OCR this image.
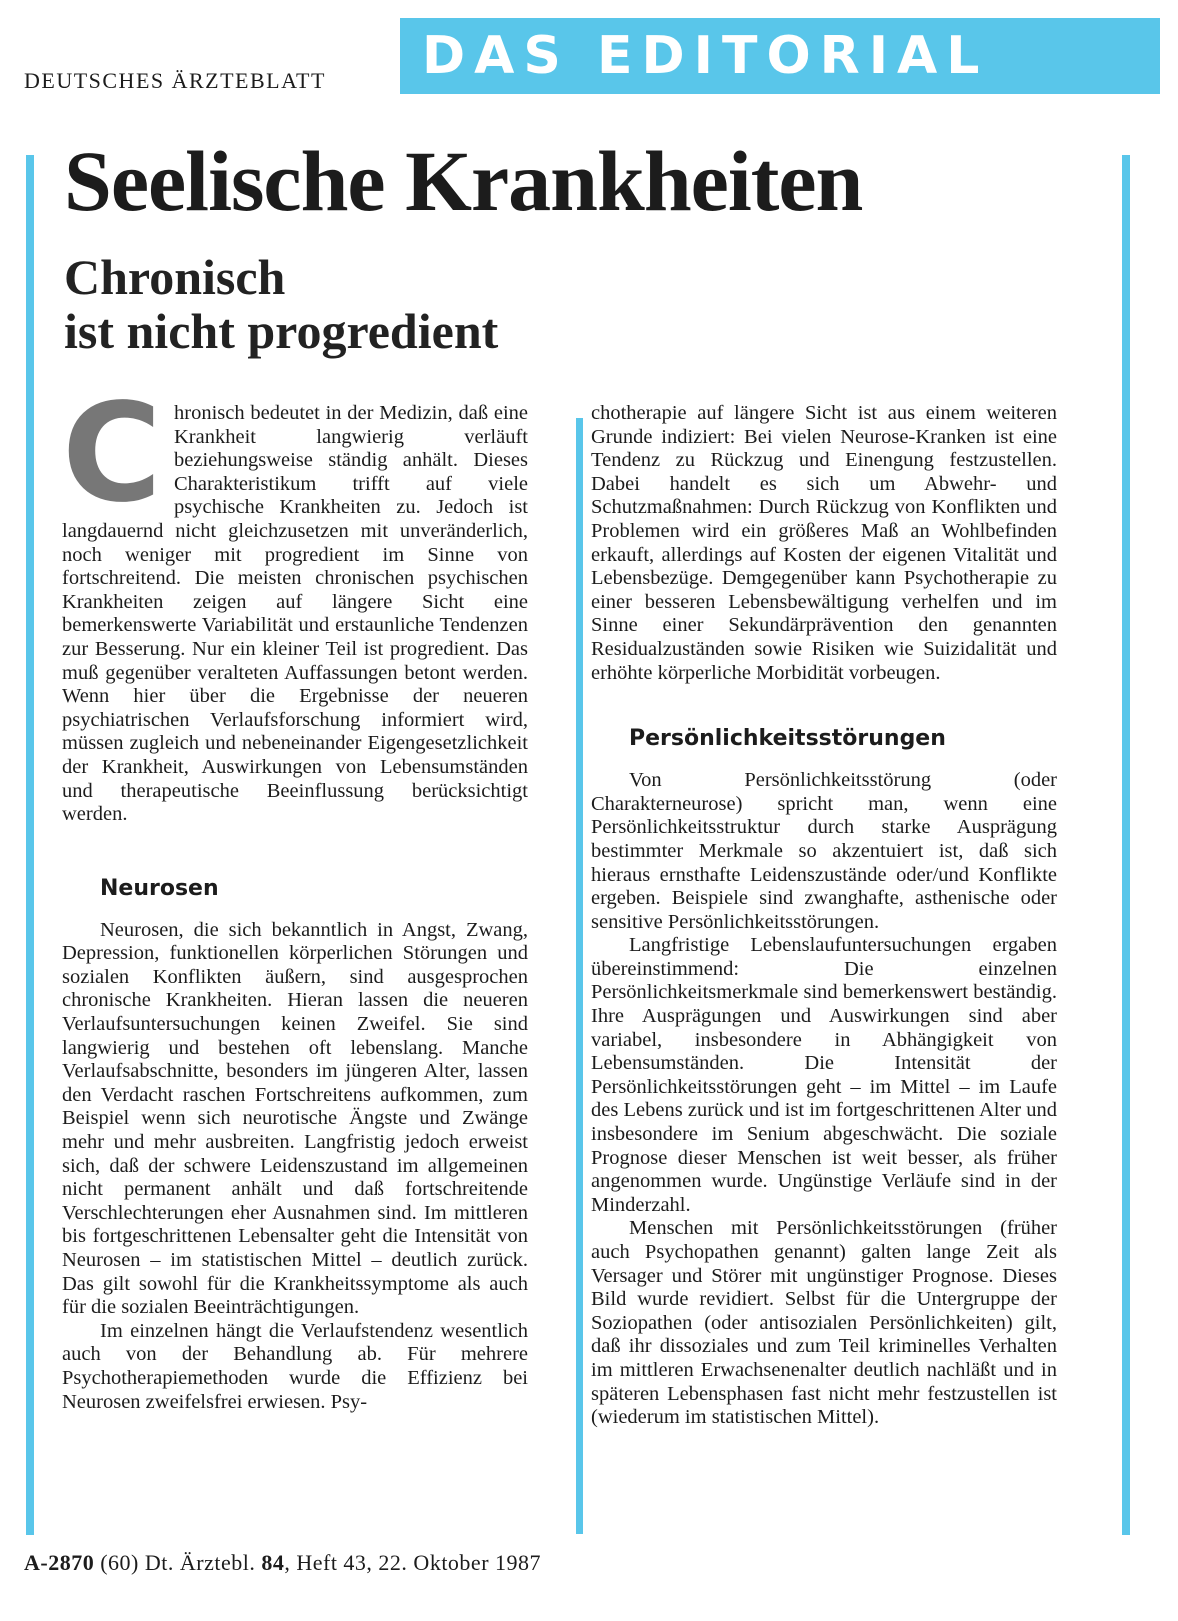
DEUTSCHES ÄRZTEBLATT DAS EDITORIAL
Seelische Krankheiten
Chronisch
ist nicht progredient

Chronisch bedeutet in der Medizin, daß eine Krankheit langwierig verläuft beziehungsweise ständig anhält. Dieses Charakteristikum trifft auf viele psychische Krankheiten zu. Jedoch ist langdauernd nicht gleichzusetzen mit unveränderlich, noch weniger mit progredient im Sinne von fortschreitend. Die meisten chronischen psychischen Krankheiten zeigen auf längere Sicht eine bemerkenswerte Variabilität und erstaunliche Tendenzen zur Besserung. Nur ein kleiner Teil ist progredient. Das muß gegenüber veralteten Auffassungen betont werden. Wenn hier über die Ergebnisse der neueren psychiatrischen Verlaufsforschung informiert wird, müssen zugleich und nebeneinander Eigengesetzlichkeit der Krankheit, Auswirkungen von Lebensumständen und therapeutische Beeinflussung berücksichtigt werden.

Neurosen

Neurosen, die sich bekanntlich in Angst, Zwang, Depression, funktionellen körperlichen Störungen und sozialen Konflikten äußern, sind ausgesprochen chronische Krankheiten. Hieran lassen die neueren Verlaufsuntersuchungen keinen Zweifel. Sie sind langwierig und bestehen oft lebenslang. Manche Verlaufsabschnitte, besonders im jüngeren Alter, lassen den Verdacht raschen Fortschreitens aufkommen, zum Beispiel wenn sich neurotische Ängste und Zwänge mehr und mehr ausbreiten. Langfristig jedoch erweist sich, daß der schwere Leidenszustand im allgemeinen nicht permanent anhält und daß fortschreitende Verschlechterungen eher Ausnahmen sind. Im mittleren bis fortgeschrittenen Lebensalter geht die Intensität von Neurosen – im statistischen Mittel – deutlich zurück. Das gilt sowohl für die Krankheitssymptome als auch für die sozialen Beeinträchtigungen.

Im einzelnen hängt die Verlaufstendenz wesentlich auch von der Behandlung ab. Für mehrere Psychotherapiemethoden wurde die Effizienz bei Neurosen zweifelsfrei erwiesen. Psy-

chotherapie auf längere Sicht ist aus einem weiteren Grunde indiziert: Bei vielen Neurose-Kranken ist eine Tendenz zu Rückzug und Einengung festzustellen. Dabei handelt es sich um Abwehr- und Schutzmaßnahmen: Durch Rückzug von Konflikten und Problemen wird ein größeres Maß an Wohlbefinden erkauft, allerdings auf Kosten der eigenen Vitalität und Lebensbezüge. Demgegenüber kann Psychotherapie zu einer besseren Lebensbewältigung verhelfen und im Sinne einer Sekundärprävention den genannten Residualzuständen sowie Risiken wie Suizidalität und erhöhte körperliche Morbidität vorbeugen.

Persönlichkeitsstörungen

Von Persönlichkeitsstörung (oder Charakterneurose) spricht man, wenn eine Persönlichkeitsstruktur durch starke Ausprägung bestimmter Merkmale so akzentuiert ist, daß sich hieraus ernsthafte Leidenszustände oder/und Konflikte ergeben. Beispiele sind zwanghafte, asthenische oder sensitive Persönlichkeitsstörungen.

Langfristige Lebenslaufuntersuchungen ergaben übereinstimmend: Die einzelnen Persönlichkeitsmerkmale sind bemerkenswert beständig. Ihre Ausprägungen und Auswirkungen sind aber variabel, insbesondere in Abhängigkeit von Lebensumständen. Die Intensität der Persönlichkeitsstörungen geht – im Mittel – im Laufe des Lebens zurück und ist im fortgeschrittenen Alter und insbesondere im Senium abgeschwächt. Die soziale Prognose dieser Menschen ist weit besser, als früher angenommen wurde. Ungünstige Verläufe sind in der Minderzahl.

Menschen mit Persönlichkeitsstörungen (früher auch Psychopathen genannt) galten lange Zeit als Versager und Störer mit ungünstiger Prognose. Dieses Bild wurde revidiert. Selbst für die Untergruppe der Soziopathen (oder antisozialen Persönlichkeiten) gilt, daß ihr dissoziales und zum Teil kriminelles Verhalten im mittleren Erwachsenenalter deutlich nachläßt und in späteren Lebensphasen fast nicht mehr festzustellen ist (wiederum im statistischen Mittel).

A-2870 (60) Dt. Ärztebl. 84, Heft 43, 22. Oktober 1987
